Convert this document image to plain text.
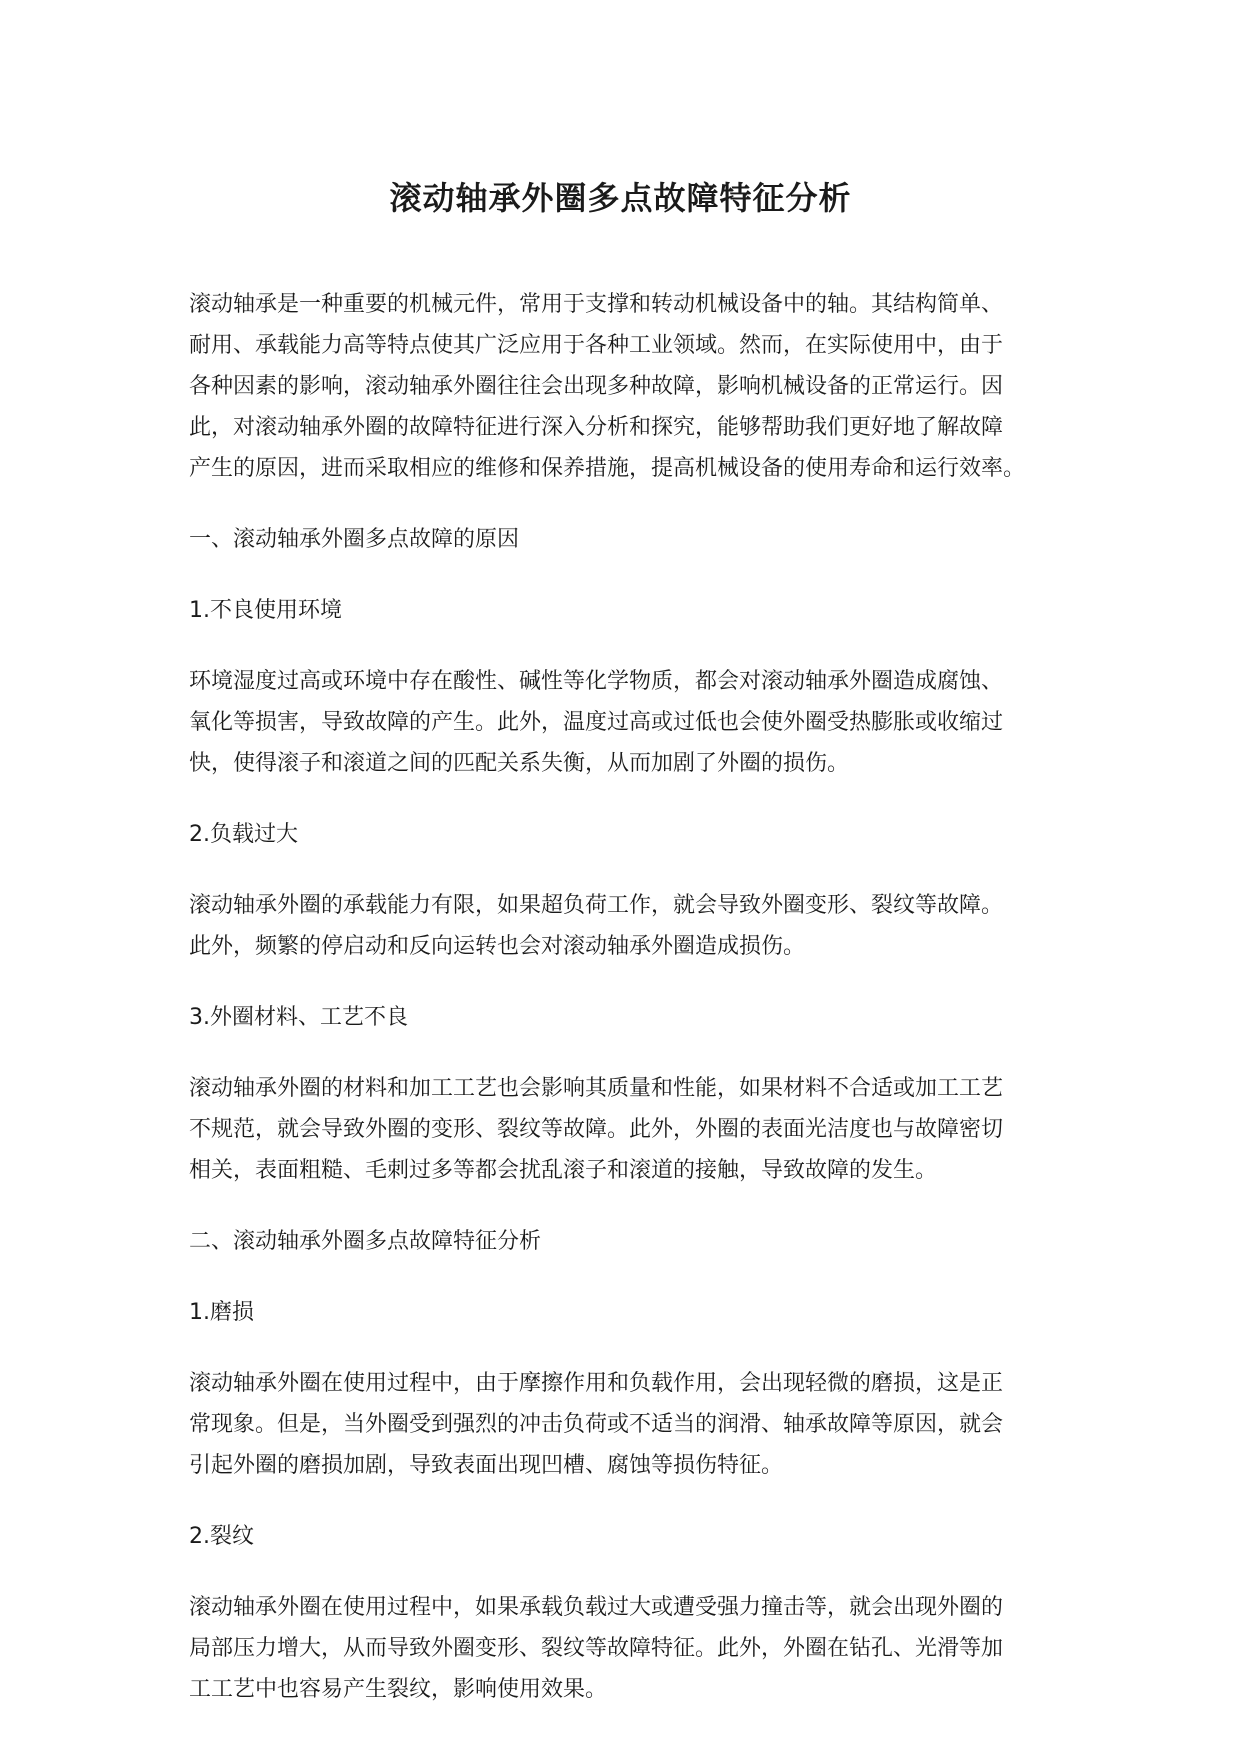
滚动轴承外圈多点故障特征分析

滚动轴承是一种重要的机械元件，常用于支撑和转动机械设备中的轴。其结构简单、
耐用、承载能力高等特点使其广泛应用于各种工业领域。然而，在实际使用中，由于
各种因素的影响，滚动轴承外圈往往会出现多种故障，影响机械设备的正常运行。因
此，对滚动轴承外圈的故障特征进行深入分析和探究，能够帮助我们更好地了解故障
产生的原因，进而采取相应的维修和保养措施，提高机械设备的使用寿命和运行效率。

一、滚动轴承外圈多点故障的原因

1.不良使用环境

环境湿度过高或环境中存在酸性、碱性等化学物质，都会对滚动轴承外圈造成腐蚀、
氧化等损害，导致故障的产生。此外，温度过高或过低也会使外圈受热膨胀或收缩过
快，使得滚子和滚道之间的匹配关系失衡，从而加剧了外圈的损伤。

2.负载过大

滚动轴承外圈的承载能力有限，如果超负荷工作，就会导致外圈变形、裂纹等故障。
此外，频繁的停启动和反向运转也会对滚动轴承外圈造成损伤。

3.外圈材料、工艺不良

滚动轴承外圈的材料和加工工艺也会影响其质量和性能，如果材料不合适或加工工艺
不规范，就会导致外圈的变形、裂纹等故障。此外，外圈的表面光洁度也与故障密切
相关，表面粗糙、毛刺过多等都会扰乱滚子和滚道的接触，导致故障的发生。

二、滚动轴承外圈多点故障特征分析

1.磨损

滚动轴承外圈在使用过程中，由于摩擦作用和负载作用，会出现轻微的磨损，这是正
常现象。但是，当外圈受到强烈的冲击负荷或不适当的润滑、轴承故障等原因，就会
引起外圈的磨损加剧，导致表面出现凹槽、腐蚀等损伤特征。

2.裂纹

滚动轴承外圈在使用过程中，如果承载负载过大或遭受强力撞击等，就会出现外圈的
局部压力增大，从而导致外圈变形、裂纹等故障特征。此外，外圈在钻孔、光滑等加
工工艺中也容易产生裂纹，影响使用效果。
